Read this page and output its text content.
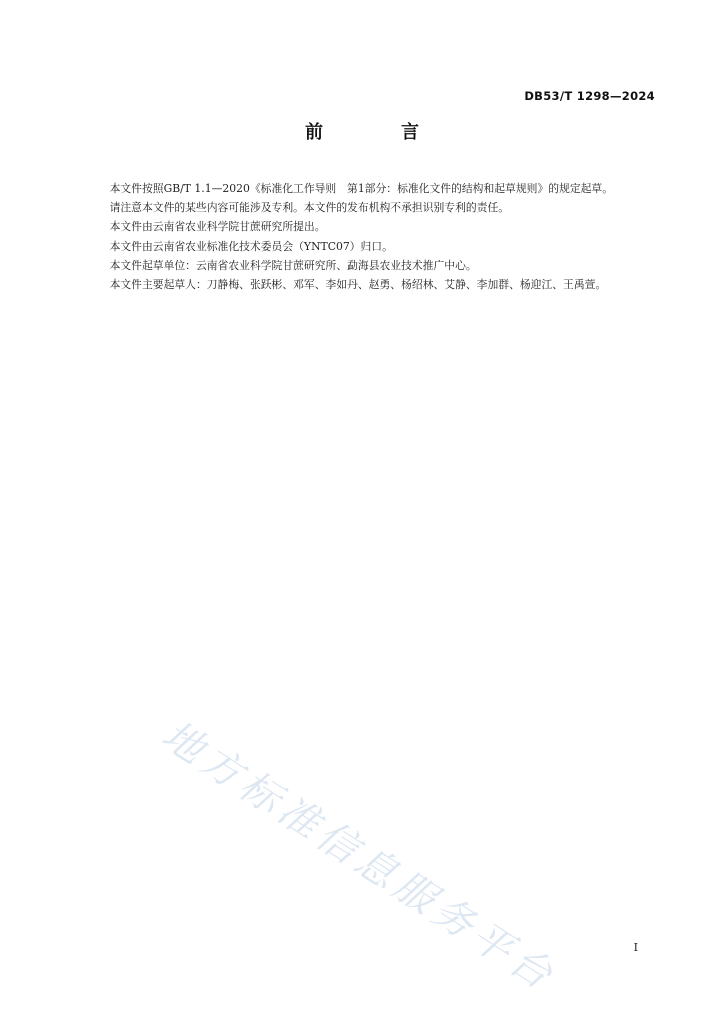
DB53/T 1298—2024
前　言

本文件按照GB/T 1.1—2020《标准化工作导则　第1部分：标准化文件的结构和起草规则》的规定起草。

请注意本文件的某些内容可能涉及专利。本文件的发布机构不承担识别专利的责任。

本文件由云南省农业科学院甘蔗研究所提出。

本文件由云南省农业标准化技术委员会（YNTC07）归口。

本文件起草单位：云南省农业科学院甘蔗研究所、勐海县农业技术推广中心。

本文件主要起草人：刀静梅、张跃彬、邓军、李如丹、赵勇、杨绍林、艾静、李加群、杨迎江、王禹萱。

地方标准信息服务平台	I
